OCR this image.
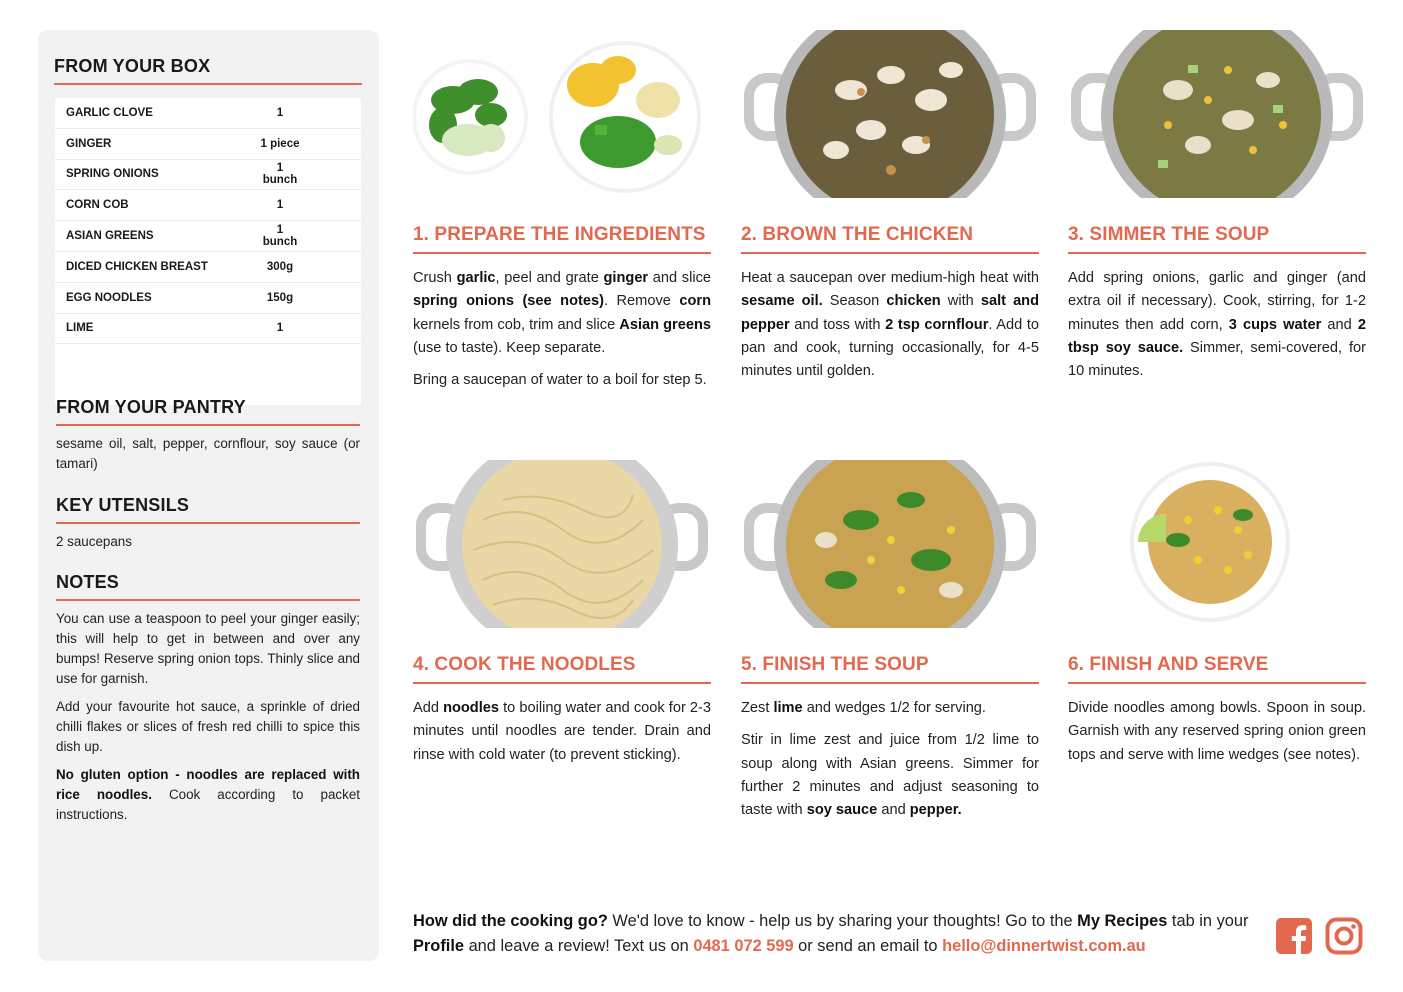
FROM YOUR BOX
GARLIC CLOVE	1
GINGER	1 piece
SPRING ONIONS	1 bunch
CORN COB	1
ASIAN GREENS	1 bunch
DICED CHICKEN BREAST	300g
EGG NOODLES	150g
LIME	1
FROM YOUR PANTRY
sesame oil, salt, pepper, cornflour, soy sauce (or tamari)
KEY UTENSILS
2 saucepans
NOTES

You can use a teaspoon to peel your ginger easily; this will help to get in between and over any bumps! Reserve spring onion tops. Thinly slice and use for garnish.

Add your favourite hot sauce, a sprinkle of dried chilli flakes or slices of fresh red chilli to spice this dish up.

No gluten option - noodles are replaced with rice noodles. Cook according to packet instructions.

1. PREPARE THE INGREDIENTS

Crush garlic, peel and grate ginger and slice spring onions (see notes). Remove corn kernels from cob, trim and slice Asian greens (use to taste). Keep separate.

Bring a saucepan of water to a boil for step 5.

2. BROWN THE CHICKEN

Heat a saucepan over medium-high heat with sesame oil. Season chicken with salt and pepper and toss with 2 tsp cornflour. Add to pan and cook, turning occasionally, for 4-5 minutes until golden.

3. SIMMER THE SOUP

Add spring onions, garlic and ginger (and extra oil if necessary). Cook, stirring, for 1-2 minutes then add corn, 3 cups water and 2 tbsp soy sauce. Simmer, semi-covered, for 10 minutes.

4. COOK THE NOODLES

Add noodles to boiling water and cook for 2-3 minutes until noodles are tender. Drain and rinse with cold water (to prevent sticking).

5. FINISH THE SOUP

Zest lime and wedges 1/2 for serving.

Stir in lime zest and juice from 1/2 lime to soup along with Asian greens. Simmer for further 2 minutes and adjust seasoning to taste with soy sauce and pepper.

6. FINISH AND SERVE

Divide noodles among bowls. Spoon in soup. Garnish with any reserved spring onion green tops and serve with lime wedges (see notes).

How did the cooking go? We'd love to know - help us by sharing your thoughts! Go to the My Recipes tab in your Profile and leave a review! Text us on 0481 072 599 or send an email to hello@dinnertwist.com.au
